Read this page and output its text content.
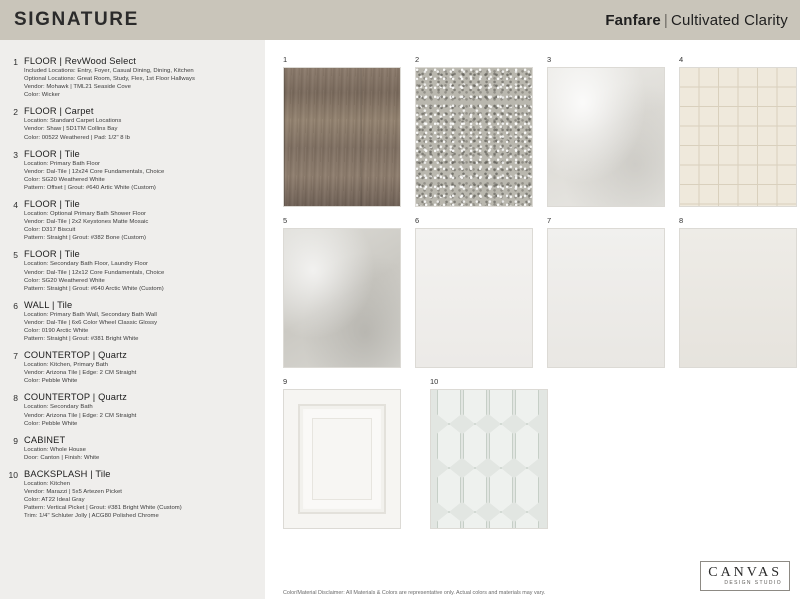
SIGNATURE	Fanfare | Cultivated Clarity
1 FLOOR | RevWood Select
Included Locations: Entry, Foyer, Casual Dining, Dining, Kitchen
Optional Locations: Great Room, Study, Flex, 1st Floor Hallways
Vendor: Mohawk | TML21 Seaside Cove
Color: Wicker
2 FLOOR | Carpet
Location: Standard Carpet Locations
Vendor: Shaw | 5D1TM Collins Bay
Color: 00522 Weathered | Pad: 1/2" 8 lb
3 FLOOR | Tile
Location: Primary Bath Floor
Vendor: Dal-Tile | 12x24 Core Fundamentals, Choice
Color: SG20 Weathered White
Pattern: Offset | Grout: #640 Artic White (Custom)
4 FLOOR | Tile
Location: Optional Primary Bath Shower Floor
Vendor: Dal-Tile | 2x2 Keystones Matte Mosaic
Color: D317 Biscuit
Pattern: Straight | Grout: #382 Bone (Custom)
5 FLOOR | Tile
Location: Secondary Bath Floor, Laundry Floor
Vendor: Dal-Tile | 12x12 Core Fundamentals, Choice
Color: SG20 Weathered White
Pattern: Straight | Grout: #640 Arctic White (Custom)
6 WALL | Tile
Location: Primary Bath Wall, Secondary Bath Wall
Vendor: Dal-Tile | 6x6 Color Wheel Classic Glossy
Color: 0190 Arctic White
Pattern: Straight | Grout: #381 Bright White
7 COUNTERTOP | Quartz
Location: Kitchen, Primary Bath
Vendor: Arizona Tile | Edge: 2 CM Straight
Color: Pebble White
8 COUNTERTOP | Quartz
Location: Secondary Bath
Vendor: Arizona Tile | Edge: 2 CM Straight
Color: Pebble White
9 CABINET
Location: Whole House
Door: Canton | Finish: White
10 BACKSPLASH | Tile
Location: Kitchen
Vendor: Marazzi | 5x5 Artezen Picket
Color: AT22 Ideal Gray
Pattern: Vertical Picket | Grout: #381 Bright White (Custom)
Trim: 1/4" Schluter Jolly | ACG80 Polished Chrome
1	2	3	4
5	6	7	8
9	10
Color/Material Disclaimer: All Materials & Colors are representative only. Actual colors and materials may vary.
CANVAS
DESIGN STUDIO
